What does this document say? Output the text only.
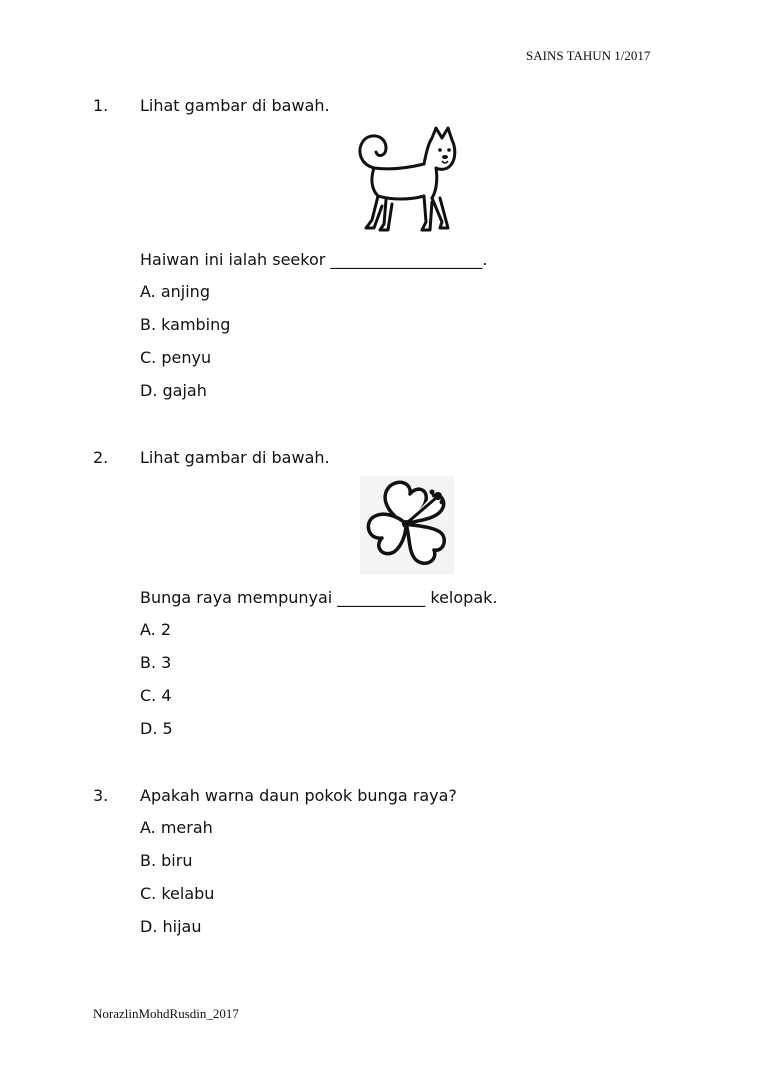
SAINS TAHUN 1/2017
1. Lihat gambar di bawah.
Haiwan ini ialah seekor ___________________.
A. anjing
B. kambing
C. penyu
D. gajah
2. Lihat gambar di bawah.
Bunga raya mempunyai ___________ kelopak.
A. 2
B. 3
C. 4
D. 5
3. Apakah warna daun pokok bunga raya?
A. merah
B. biru
C. kelabu
D. hijau
NorazlinMohdRusdin_2017
